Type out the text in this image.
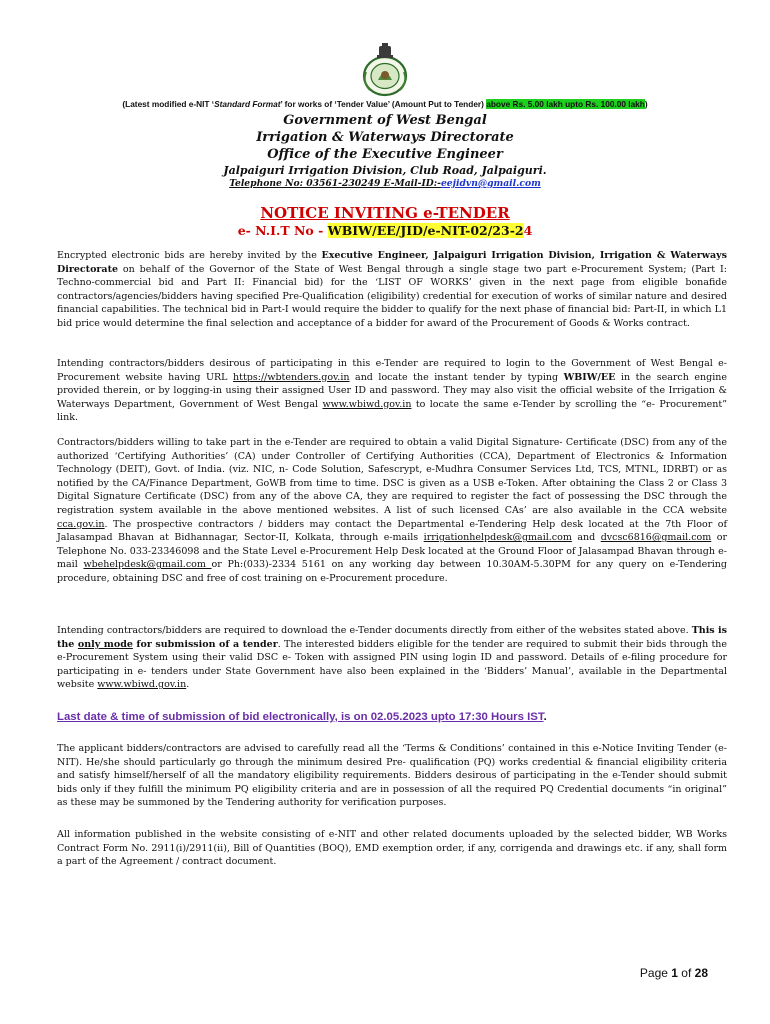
(Latest modified e-NIT ‘Standard Format’ for works of ‘Tender Value’ (Amount Put to Tender) above Rs. 5.00 lakh upto Rs. 100.00 lakh)
Government of West Bengal
Irrigation & Waterways Directorate
Office of the Executive Engineer
Jalpaiguri Irrigation Division, Club Road, Jalpaiguri.
Telephone No: 03561-230249 E-Mail-ID:-eejidvn@gmail.com
NOTICE INVITING e-TENDER
e- N.I.T No - WBIW/EE/JID/e-NIT-02/23-24
Encrypted electronic bids are hereby invited by the Executive Engineer, Jalpaiguri Irrigation Division, Irrigation & Waterways Directorate on behalf of the Governor of the State of West Bengal through a single stage two part e-Procurement System; (Part I: Techno-commercial bid and Part II: Financial bid) for the ‘LIST OF WORKS’ given in the next page from eligible bonafide contractors/agencies/bidders having specified Pre-Qualification (eligibility) credential for execution of works of similar nature and desired financial capabilities. The technical bid in Part-I would require the bidder to qualify for the next phase of financial bid: Part-II, in which L1 bid price would determine the final selection and acceptance of a bidder for award of the Procurement of Goods & Works contract.
Intending contractors/bidders desirous of participating in this e-Tender are required to login to the Government of West Bengal e-Procurement website having URL https://wbtenders.gov.in and locate the instant tender by typing WBIW/EE in the search engine provided therein, or by logging-in using their assigned User ID and password. They may also visit the official website of the Irrigation & Waterways Department, Government of West Bengal www.wbiwd.gov.in to locate the same e-Tender by scrolling the “e- Procurement” link.
Contractors/bidders willing to take part in the e-Tender are required to obtain a valid Digital Signature- Certificate (DSC) from any of the authorized ‘Certifying Authorities’ (CA) under Controller of Certifying Authorities (CCA), Department of Electronics & Information Technology (DEIT), Govt. of India. (viz. NIC, n- Code Solution, Safescrypt, e-Mudhra Consumer Services Ltd, TCS, MTNL, IDRBT) or as notified by the CA/Finance Department, GoWB from time to time. DSC is given as a USB e-Token. After obtaining the Class 2 or Class 3 Digital Signature Certificate (DSC) from any of the above CA, they are required to register the fact of possessing the DSC through the registration system available in the above mentioned websites. A list of such licensed CAs’ are also available in the CCA website cca.gov.in. The prospective contractors / bidders may contact the Departmental e-Tendering Help desk located at the 7th Floor of Jalasampad Bhavan at Bidhannagar, Sector-II, Kolkata, through e-mails irrigationhelpdesk@gmail.com and dvcsc6816@gmail.com or Telephone No. 033-23346098 and the State Level e-Procurement Help Desk located at the Ground Floor of Jalasampad Bhavan through e-mail wbehelpdesk@gmail.com or Ph:(033)-2334 5161 on any working day between 10.30AM-5.30PM for any query on e-Tendering procedure, obtaining DSC and free of cost training on e-Procurement procedure.
Intending contractors/bidders are required to download the e-Tender documents directly from either of the websites stated above. This is the only mode for submission of a tender. The interested bidders eligible for the tender are required to submit their bids through the e-Procurement System using their valid DSC e- Token with assigned PIN using login ID and password. Details of e-filing procedure for participating in e- tenders under State Government have also been explained in the ‘Bidders’ Manual’, available in the Departmental website www.wbiwd.gov.in.
Last date & time of submission of bid electronically, is on 02.05.2023 upto 17:30 Hours IST.
The applicant bidders/contractors are advised to carefully read all the ‘Terms & Conditions’ contained in this e-Notice Inviting Tender (e-NIT). He/she should particularly go through the minimum desired Pre- qualification (PQ) works credential & financial eligibility criteria and satisfy himself/herself of all the mandatory eligibility requirements. Bidders desirous of participating in the e-Tender should submit bids only if they fulfill the minimum PQ eligibility criteria and are in possession of all the required PQ Credential documents “in original” as these may be summoned by the Tendering authority for verification purposes.
All information published in the website consisting of e-NIT and other related documents uploaded by the selected bidder, WB Works Contract Form No. 2911(i)/2911(ii), Bill of Quantities (BOQ), EMD exemption order, if any, corrigenda and drawings etc. if any, shall form a part of the Agreement / contract document.
Page 1 of 28
